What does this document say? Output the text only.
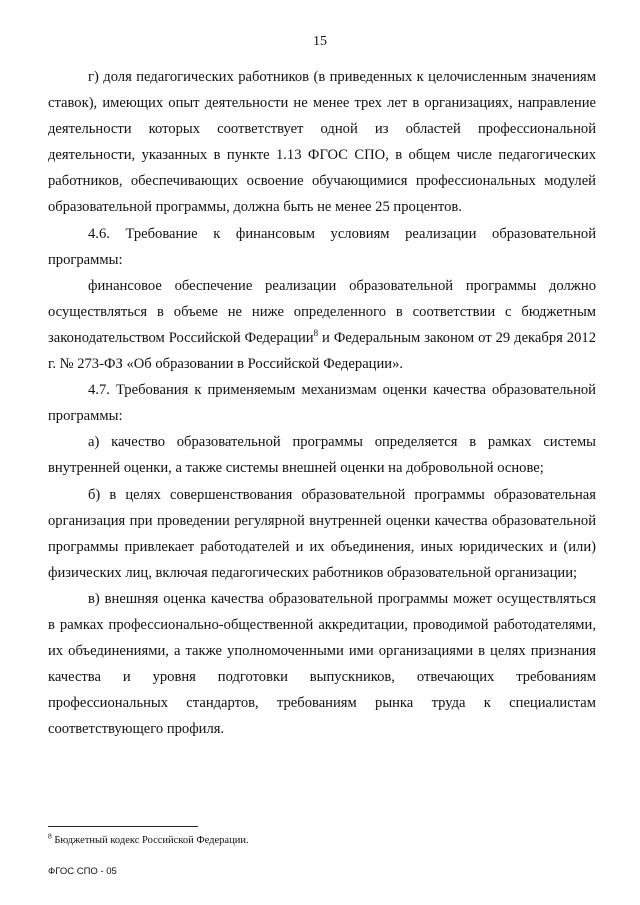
15

г) доля педагогических работников (в приведенных к целочисленным значениям ставок), имеющих опыт деятельности не менее трех лет в организациях, направление деятельности которых соответствует одной из областей профессиональной деятельности, указанных в пункте 1.13 ФГОС СПО, в общем числе педагогических работников, обеспечивающих освоение обучающимися профессиональных модулей образовательной программы, должна быть не менее 25 процентов.

4.6. Требование к финансовым условиям реализации образовательной программы:

финансовое обеспечение реализации образовательной программы должно осуществляться в объеме не ниже определенного в соответствии с бюджетным законодательством Российской Федерации$^8$ и Федеральным законом от 29 декабря 2012 г. № 273-ФЗ «Об образовании в Российской Федерации».

4.7. Требования к применяемым механизмам оценки качества образовательной программы:

а) качество образовательной программы определяется в рамках системы внутренней оценки, а также системы внешней оценки на добровольной основе;

б) в целях совершенствования образовательной программы образовательная организация при проведении регулярной внутренней оценки качества образовательной программы привлекает работодателей и их объединения, иных юридических и (или) физических лиц, включая педагогических работников образовательной организации;

в) внешняя оценка качества образовательной программы может осуществляться в рамках профессионально-общественной аккредитации, проводимой работодателями, их объединениями, а также уполномоченными ими организациями в целях признания качества и уровня подготовки выпускников, отвечающих требованиям профессиональных стандартов, требованиям рынка труда к специалистам соответствующего профиля.

$^8$ Бюджетный кодекс Российской Федерации.
ФГОС СПО - 05
